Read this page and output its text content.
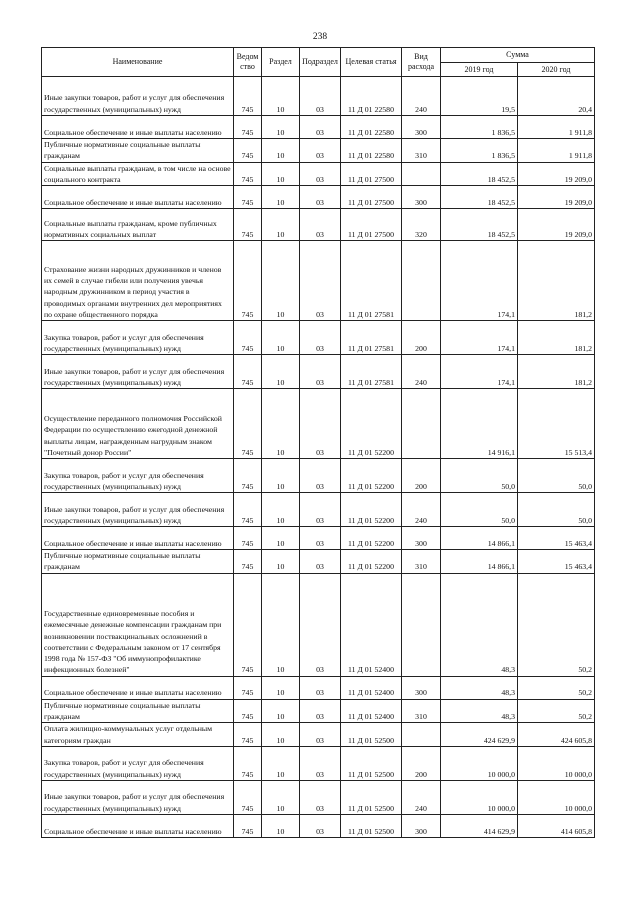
238
Наименование	Ведом ство	Раздел	Подраздел	Целевая статья	Вид расхода	Сумма	
						2019 год	2020 год
Иные закупки товаров, работ и услуг для обеспечения государственных (муниципальных) нужд	745	10	03	11 Д 01 22580	240	19,5	20,4
Социальное обеспечение и иные выплаты населению	745	10	03	11 Д 01 22580	300	1 836,5	1 911,8
Публичные нормативные социальные выплаты гражданам	745	10	03	11 Д 01 22580	310	1 836,5	1 911,8
Социальные выплаты гражданам, в том числе на основе социального контракта	745	10	03	11 Д 01 27500		18 452,5	19 209,0
Социальное обеспечение и иные выплаты населению	745	10	03	11 Д 01 27500	300	18 452,5	19 209,0
Социальные выплаты гражданам, кроме публичных нормативных социальных выплат	745	10	03	11 Д 01 27500	320	18 452,5	19 209,0
Страхование жизни народных дружинников и членов их семей в случае гибели или получения увечья народным дружинником в период участия в проводимых органами внутренних дел мероприятиях по охране общественного порядка	745	10	03	11 Д 01 27581		174,1	181,2
Закупка товаров, работ и услуг для обеспечения государственных (муниципальных) нужд	745	10	03	11 Д 01 27581	200	174,1	181,2
Иные закупки товаров, работ и услуг для обеспечения государственных (муниципальных) нужд	745	10	03	11 Д 01 27581	240	174,1	181,2
Осуществление переданного полномочия Российской Федерации по осуществлению ежегодной денежной выплаты лицам, награжденным нагрудным знаком "Почетный донор России"	745	10	03	11 Д 01 52200		14 916,1	15 513,4
Закупка товаров, работ и услуг для обеспечения государственных (муниципальных) нужд	745	10	03	11 Д 01 52200	200	50,0	50,0
Иные закупки товаров, работ и услуг для обеспечения государственных (муниципальных) нужд	745	10	03	11 Д 01 52200	240	50,0	50,0
Социальное обеспечение и иные выплаты населению	745	10	03	11 Д 01 52200	300	14 866,1	15 463,4
Публичные нормативные социальные выплаты гражданам	745	10	03	11 Д 01 52200	310	14 866,1	15 463,4
Государственные единовременные пособия и ежемесячные денежные компенсации гражданам при возникновении поствакцинальных осложнений в соответствии с Федеральным законом от 17 сентября 1998 года № 157-ФЗ "Об иммунопрофилактике инфекционных болезней"	745	10	03	11 Д 01 52400		48,3	50,2
Социальное обеспечение и иные выплаты населению	745	10	03	11 Д 01 52400	300	48,3	50,2
Публичные нормативные социальные выплаты гражданам	745	10	03	11 Д 01 52400	310	48,3	50,2
Оплата жилищно-коммунальных услуг отдельным категориям граждан	745	10	03	11 Д 01 52500		424 629,9	424 605,8
Закупка товаров, работ и услуг для обеспечения государственных (муниципальных) нужд	745	10	03	11 Д 01 52500	200	10 000,0	10 000,0
Иные закупки товаров, работ и услуг для обеспечения государственных (муниципальных) нужд	745	10	03	11 Д 01 52500	240	10 000,0	10 000,0
Социальное обеспечение и иные выплаты населению	745	10	03	11 Д 01 52500	300	414 629,9	414 605,8
